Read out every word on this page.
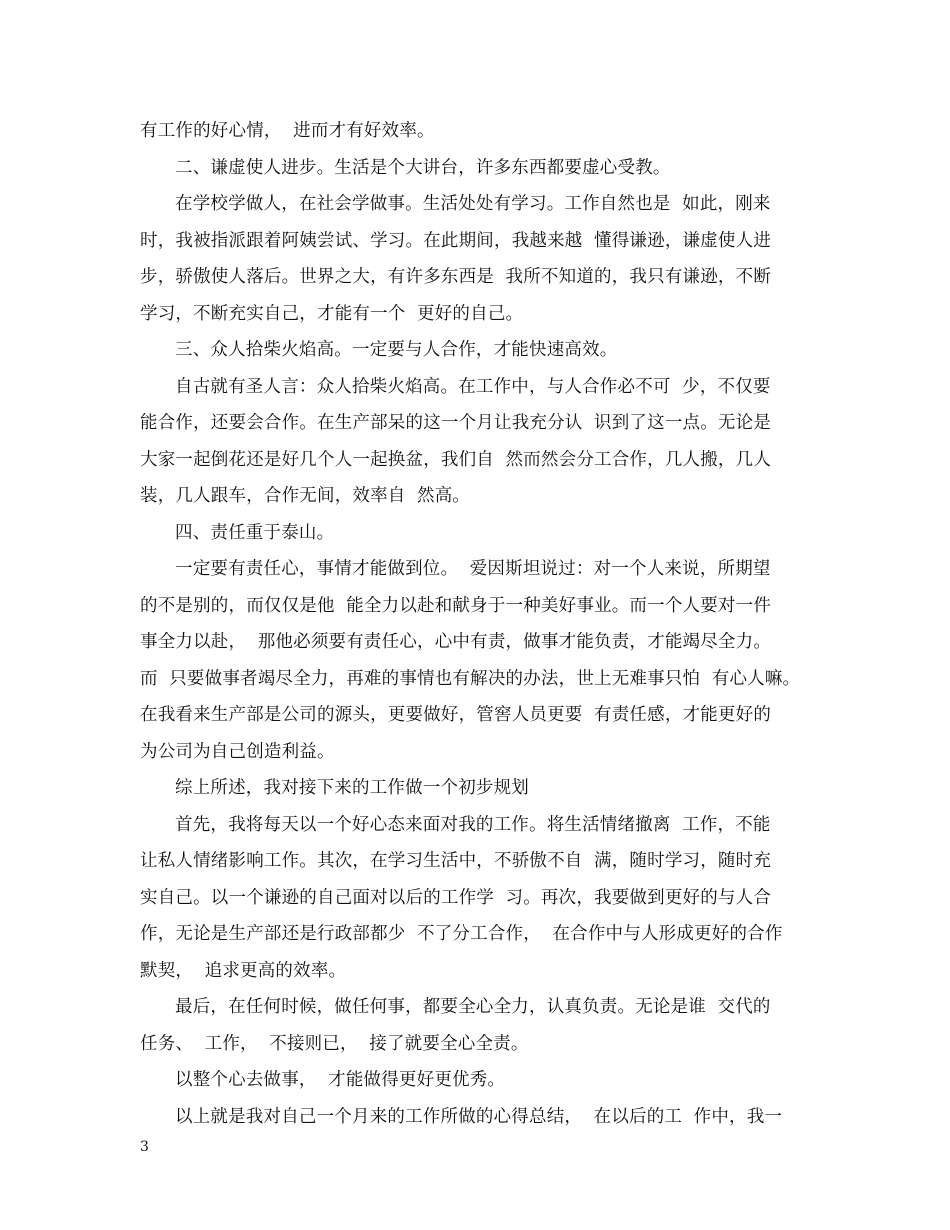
有工作的好心情，  进而才有好效率。
二、谦虚使人进步。生活是个大讲台，许多东西都要虚心受教。
在学校学做人，在社会学做事。生活处处有学习。工作自然也是  如此，刚来
时，我被指派跟着阿姨尝试、学习。在此期间，我越来越  懂得谦逊，谦虚使人进
步，骄傲使人落后。世界之大，有许多东西是  我所不知道的，我只有谦逊，不断
学习，不断充实自己，才能有一个  更好的自己。
三、众人拾柴火焰高。一定要与人合作，才能快速高效。
自古就有圣人言：众人拾柴火焰高。在工作中，与人合作必不可  少，不仅要
能合作，还要会合作。在生产部呆的这一个月让我充分认  识到了这一点。无论是
大家一起倒花还是好几个人一起换盆，我们自  然而然会分工合作，几人搬，几人
装，几人跟车，合作无间，效率自  然高。
四、责任重于泰山。
一定要有责任心，事情才能做到位。  爱因斯坦说过：对一个人来说，所期望
的不是别的，而仅仅是他  能全力以赴和献身于一种美好事业。而一个人要对一件
事全力以赴，  那他必须要有责任心，心中有责，做事才能负责，才能竭尽全力。
而  只要做事者竭尽全力，再难的事情也有解决的办法，世上无难事只怕  有心人嘛。
在我看来生产部是公司的源头，更要做好，管窖人员更要  有责任感，才能更好的
为公司为自己创造利益。
综上所述，我对接下来的工作做一个初步规划
首先，我将每天以一个好心态来面对我的工作。将生活情绪撤离  工作，不能
让私人情绪影响工作。其次，在学习生活中，不骄傲不自  满，随时学习，随时充
实自己。以一个谦逊的自己面对以后的工作学  习。再次，我要做到更好的与人合
作，无论是生产部还是行政部都少  不了分工合作，  在合作中与人形成更好的合作
默契，  追求更高的效率。
最后，在任何时候，做任何事，都要全心全力，认真负责。无论是谁  交代的
任务、  工作，  不接则已，  接了就要全心全责。
以整个心去做事，  才能做得更好更优秀。
以上就是我对自己一个月来的工作所做的心得总结，  在以后的工  作中，我一
3
